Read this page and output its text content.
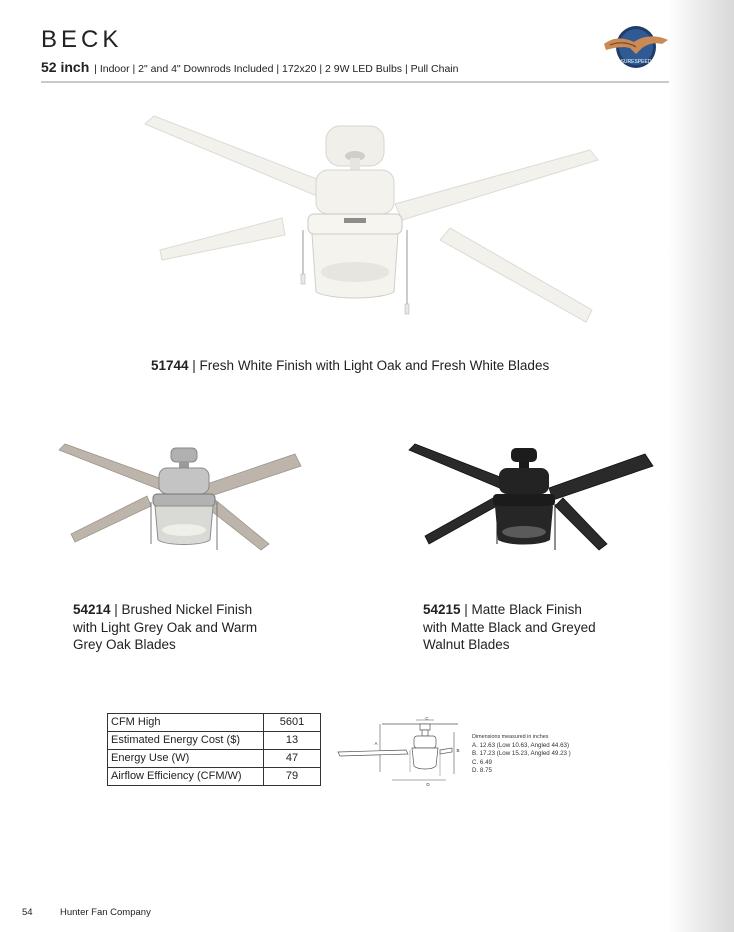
BECK
52 inch | Indoor | 2" and 4" Downrods Included | 172x20 | 2 9W LED Bulbs | Pull Chain
SURESPEED
51744 | Fresh White Finish with Light Oak and Fresh White Blades
54214 | Brushed Nickel Finish
with Light Grey Oak and Warm
Grey Oak Blades
54215 | Matte Black Finish
with Matte Black and Greyed
Walnut Blades
CFM High	5601
Estimated Energy Cost ($)	13
Energy Use (W)	47
Airflow Efficiency (CFM/W)	79
C
A
B
D
Dimensions measured in inches
A. 12.63 (Low 10.63, Angled 44.63)
B. 17.23 (Low 15.23, Angled 49.23 )
C. 6.49
D. 8.75
54	Hunter Fan Company
